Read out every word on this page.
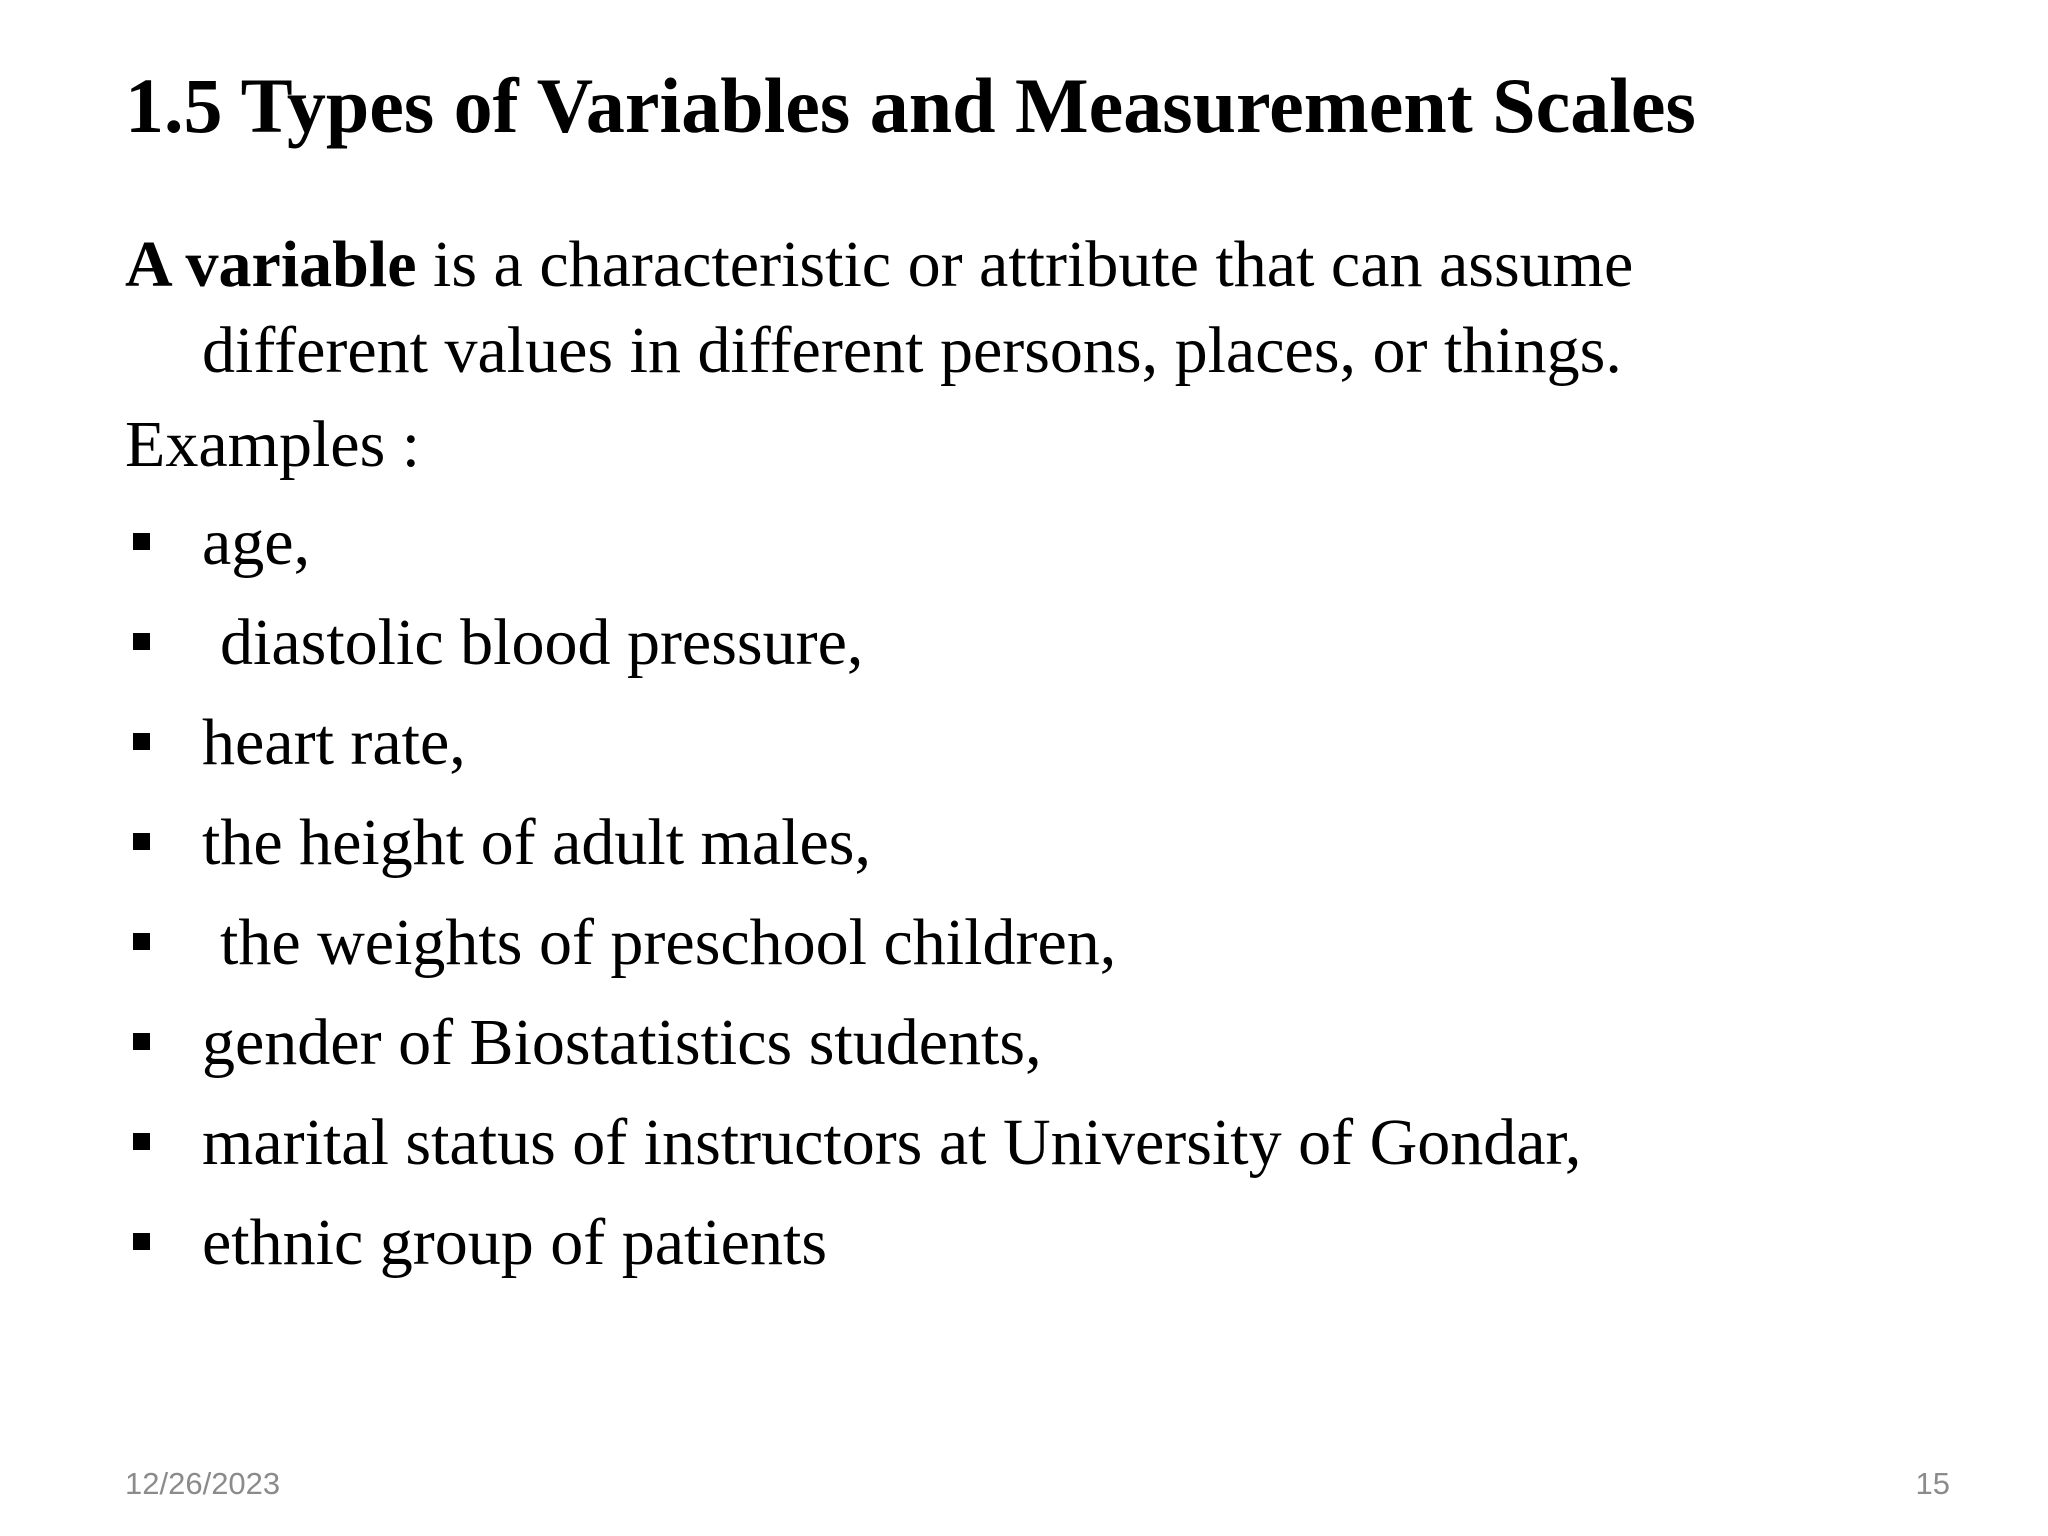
1.5 Types of Variables and Measurement Scales

A variable is a characteristic or attribute that can assume
different values in different persons, places, or things.

Examples :

age,
diastolic blood pressure,
heart rate,
the height of adult males,
the weights of preschool children,
gender of Biostatistics students,
marital status of instructors at University of Gondar,
ethnic group of patients
12/26/2023	15
